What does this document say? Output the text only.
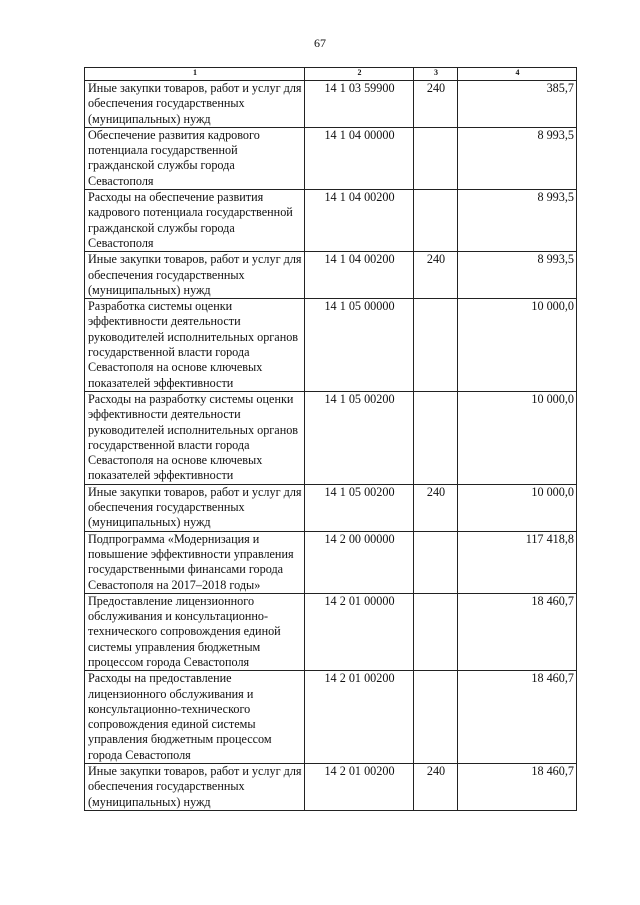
67
1	2	3	4
Иные закупки товаров, работ и услуг для обеспечения государственных (муниципальных) нужд	14 1 03 59900	240	385,7
Обеспечение развития кадрового потенциала государственной гражданской службы города Севастополя	14 1 04 00000		8 993,5
Расходы на обеспечение развития кадрового потенциала государственной гражданской службы города Севастополя	14 1 04 00200		8 993,5
Иные закупки товаров, работ и услуг для обеспечения государственных (муниципальных) нужд	14 1 04 00200	240	8 993,5
Разработка системы оценки эффективности деятельности руководителей исполнительных органов государственной власти города Севастополя на основе ключевых показателей эффективности	14 1 05 00000		10 000,0
Расходы на разработку системы оценки эффективности деятельности руководителей исполнительных органов государственной власти города Севастополя на основе ключевых показателей эффективности	14 1 05 00200		10 000,0
Иные закупки товаров, работ и услуг для обеспечения государственных (муниципальных) нужд	14 1 05 00200	240	10 000,0
Подпрограмма «Модернизация и повышение эффективности управления государственными финансами города Севастополя на 2017–2018 годы»	14 2 00 00000		117 418,8
Предоставление лицензионного обслуживания и консультационно-технического сопровождения единой системы управления бюджетным процессом города Севастополя	14 2 01 00000		18 460,7
Расходы на предоставление лицензионного обслуживания и консультационно-технического сопровождения единой системы управления бюджетным процессом города Севастополя	14 2 01 00200		18 460,7
Иные закупки товаров, работ и услуг для обеспечения государственных (муниципальных) нужд	14 2 01 00200	240	18 460,7
